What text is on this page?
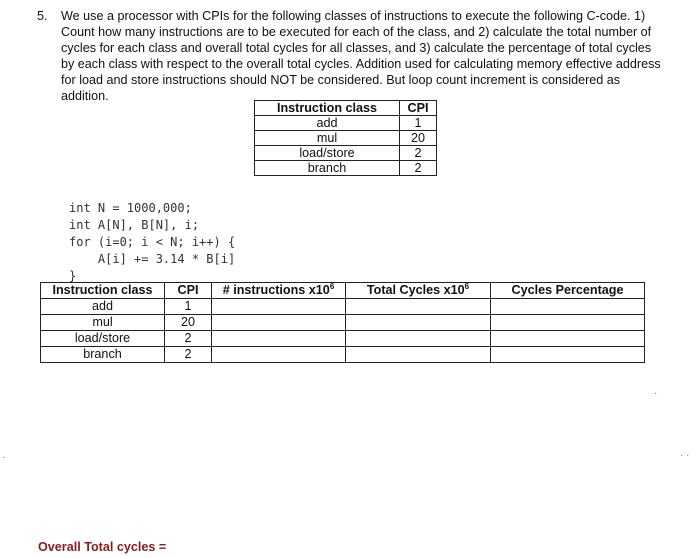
5. We use a processor with CPIs for the following classes of instructions to execute the following C-code. 1) Count how many instructions are to be executed for each of the class, and 2) calculate the total number of cycles for each class and overall total cycles for all classes, and 3) calculate the percentage of total cycles by each class with respect to the overall total cycles. Addition used for calculating memory effective address for load and store instructions should NOT be considered. But loop count increment is considered as addition.
Instruction class	CPI
add	1
mul	20
load/store	2
branch	2
int N = 1000,000;
int A[N], B[N], i;
for (i=0; i < N; i++) {
A[i] += 3.14 * B[i]
}
Instruction class	CPI	# instructions $x10^6$	Total Cycles $x10^6$	Cycles Percentage
add	1			
mul	20			
load/store	2			
branch	2			
Overall Total cycles =
·
· ·
·
